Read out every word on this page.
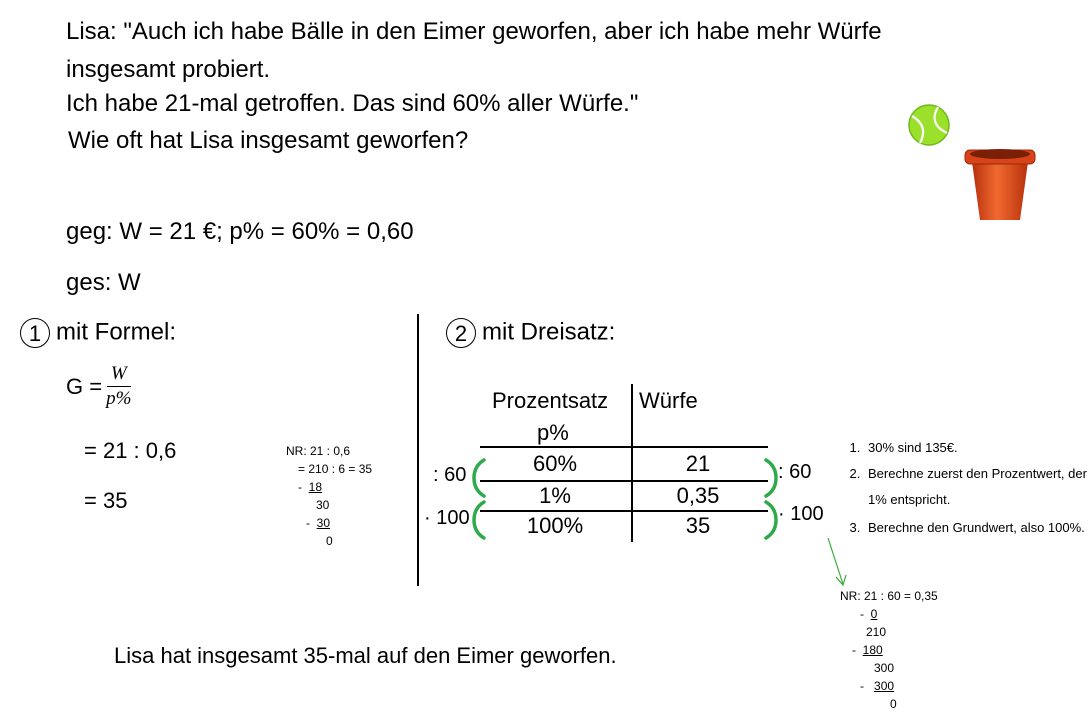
Lisa: "Auch ich habe Bälle in den Eimer geworfen, aber ich habe mehr Würfe
insgesamt probiert.
Ich habe 21-mal getroffen. Das sind 60% aller Würfe."
Wie oft hat Lisa insgesamt geworfen?
geg: W = 21 €; p% = 60% = 0,60
ges: W
1 mit Formel:
$G = \frac{W}{p\%}$
= 21 : 0,6
= 35
NR: 21 : 0,6
= 210 : 6 = 35
- 18
30
- 30
0
2 mit Dreisatz:
Prozentsatz
p%
Würfe
60%	21
1%	0,35
100%	35
: 60
· 100
: 60
· 100
1. 30% sind 135€.
2. Berechne zuerst den Prozentwert, der 1% entspricht.
3. Berechne den Grundwert, also 100%.
NR: 21 : 60 = 0,35
- 0
210
- 180
300
- 300
0
Lisa hat insgesamt 35-mal auf den Eimer geworfen.
